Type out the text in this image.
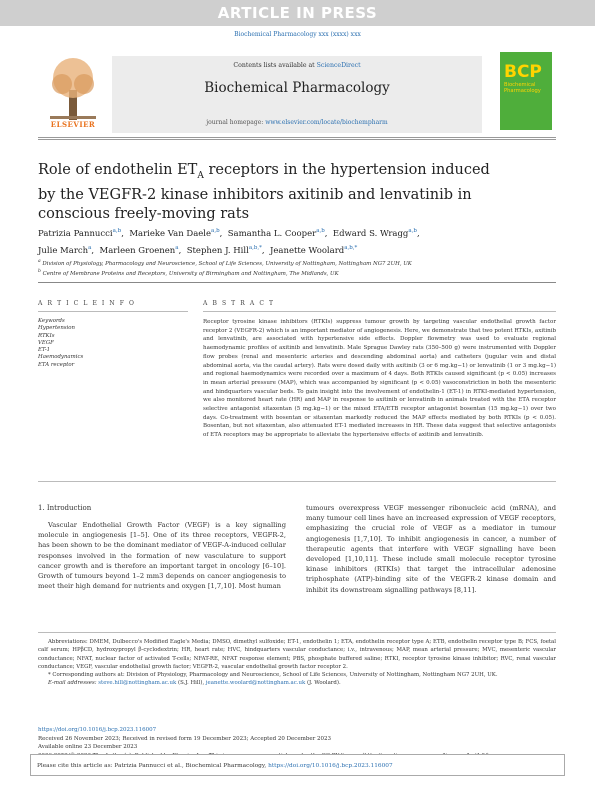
ARTICLE IN PRESS
Biochemical Pharmacology xxx (xxxx) xxx
Contents lists available at ScienceDirect
Biochemical Pharmacology
journal homepage: www.elsevier.com/locate/biochempharm
ELSEVIER
BCP
Biochemical
Pharmacology
Role of endothelin $ET_A$ receptors in the hypertension induced by the VEGFR-2 kinase inhibitors axitinib and lenvatinib in conscious freely-moving rats
Patrizia Pannucci$^{a,b}$,  Marieke Van Daele$^{a,b}$,  Samantha L. Cooper$^{a,b}$,  Edward S. Wragg$^{a,b}$,
Julie March$^a$,  Marleen Groenen$^a$,  Stephen J. Hill$^{a,b,*}$,  Jeanette Woolard$^{a,b,*}$
$^a$ Division of Physiology, Pharmacology and Neuroscience, School of Life Sciences, University of Nottingham, Nottingham NG7 2UH, UK
$^b$ Centre of Membrane Proteins and Receptors, University of Birmingham and Nottingham, The Midlands, UK
A R T I C L E I N F O	A B S T R A C T
Keywords
Hypertension
RTKIs
VEGF
ET-1
Haemodynamics
ETA receptor
Receptor tyrosine kinase inhibitors (RTKIs) suppress tumour growth by targeting vascular endothelial growth factor receptor 2 (VEGFR-2) which is an important mediator of angiogenesis. Here, we demonstrate that two potent RTKIs, axitinib and lenvatinib, are associated with hypertensive side effects. Doppler flowmetry was used to evaluate regional haemodynamic profiles of axitinib and lenvatinib. Male Sprague Dawley rats (350–500 g) were instrumented with Doppler flow probes (renal and mesenteric arteries and descending abdominal aorta) and catheters (jugular vein and distal abdominal aorta, via the caudal artery). Rats were dosed daily with axitinib (3 or 6 mg.kg−1) or lenvatinib (1 or 3 mg.kg−1) and regional haemodynamics were recorded over a maximum of 4 days. Both RTKIs caused significant (p < 0.05) increases in mean arterial pressure (MAP), which was accompanied by significant (p < 0.05) vasoconstriction in both the mesenteric and hindquarters vascular beds. To gain insight into the involvement of endothelin-1 (ET-1) in RTKI-mediated hypertension, we also monitored heart rate (HR) and MAP in response to axitinib or lenvatinib in animals treated with the ETA receptor selective antagonist sitaxentan (5 mg.kg−1) or the mixed ETA/ETB receptor antagonist bosentan (15 mg.kg−1) over two days. Co-treatment with bosentan or sitaxentan markedly reduced the MAP effects mediated by both RTKIs (p < 0.05). Bosentan, but not sitaxentan, also attenuated ET-1 mediated increases in HR. These data suggest that selective antagonists of ETA receptors may be appropriate to alleviate the hypertensive effects of axitinib and lenvatinib.
1. Introduction
Vascular Endothelial Growth Factor (VEGF) is a key signalling molecule in angiogenesis [1–5]. One of its three receptors, VEGFR-2, has been shown to be the dominant mediator of VEGF-A-induced cellular responses involved in the formation of new vasculature to support cancer growth and is therefore an important target in oncology [6–10]. Growth of tumours beyond 1–2 mm3 depends on cancer angiogenesis to meet their high demand for nutrients and oxygen [1,7,10]. Most human
tumours overexpress VEGF messenger ribonucleic acid (mRNA), and many tumour cell lines have an increased expression of VEGF receptors, emphasizing the crucial role of VEGF as a mediator in tumour angiogenesis [1,7,10]. To inhibit angiogenesis in cancer, a number of therapeutic agents that interfere with VEGF signalling have been developed [1,10,11]. These include small molecule receptor tyrosine kinase inhibitors (RTKIs) that target the intracellular adenosine triphosphate (ATP)-binding site of the VEGFR-2 kinase domain and inhibit its downstream signalling pathways [8,11].
Abbreviations: DMEM, Dulbecco's Modified Eagle's Media; DMSO, dimethyl sulfoxide; ET-1, endothelin 1; ETA, endothelin receptor type A; ETB, endothelin receptor type B; FCS, foetal calf serum; HPβCD, hydroxypropyl β-cyclodextrin; HR, heart rate; HVC, hindquarters vascular conductance; i.v., intravenous; MAP, mean arterial pressure; MVC, mesenteric vascular conductance; NFAT, nuclear factor of activated T-cells; NFAT-RE, NFAT response element; PBS, phosphate buffered saline; RTKI, receptor tyrosine kinase inhibitor; RVC, renal vascular conductance; VEGF, vascular endothelial growth factor; VEGFR-2, vascular endothelial growth factor receptor 2.
* Corresponding authors at: Division of Physiology, Pharmacology and Neuroscience, School of Life Sciences, University of Nottingham, Nottingham NG7 2UH, UK.
E-mail addresses: steve.hill@nottingham.ac.uk (S.J. Hill), jeanette.woolard@nottingham.ac.uk (J. Woolard).
https://doi.org/10.1016/j.bcp.2023.116007
Received 26 November 2023; Received in revised form 19 December 2023; Accepted 20 December 2023
Available online 23 December 2023
Please cite this article as: Patrizia Pannucci et al., Biochemical Pharmacology, https://doi.org/10.1016/j.bcp.2023.116007
